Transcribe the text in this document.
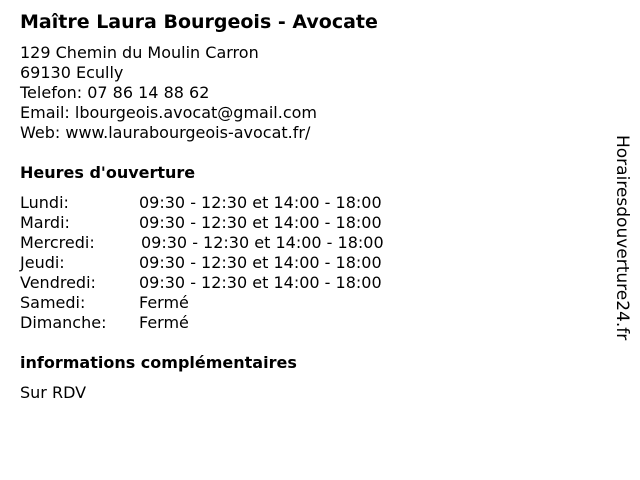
Maître Laura Bourgeois - Avocate
129 Chemin du Moulin Carron
69130 Ecully
Telefon: 07 86 14 88 62
Email: lbourgeois.avocat@gmail.com
Web: www.laurabourgeois-avocat.fr/
Heures d'ouverture
Lundi:	09:30 - 12:30 et 14:00 - 18:00
Mardi:	09:30 - 12:30 et 14:00 - 18:00
Mercredi:	09:30 - 12:30 et 14:00 - 18:00
Jeudi:	09:30 - 12:30 et 14:00 - 18:00
Vendredi:	09:30 - 12:30 et 14:00 - 18:00
Samedi:	Fermé
Dimanche: Fermé
informations complémentaires
Sur RDV
Horairesdouverture24.fr
